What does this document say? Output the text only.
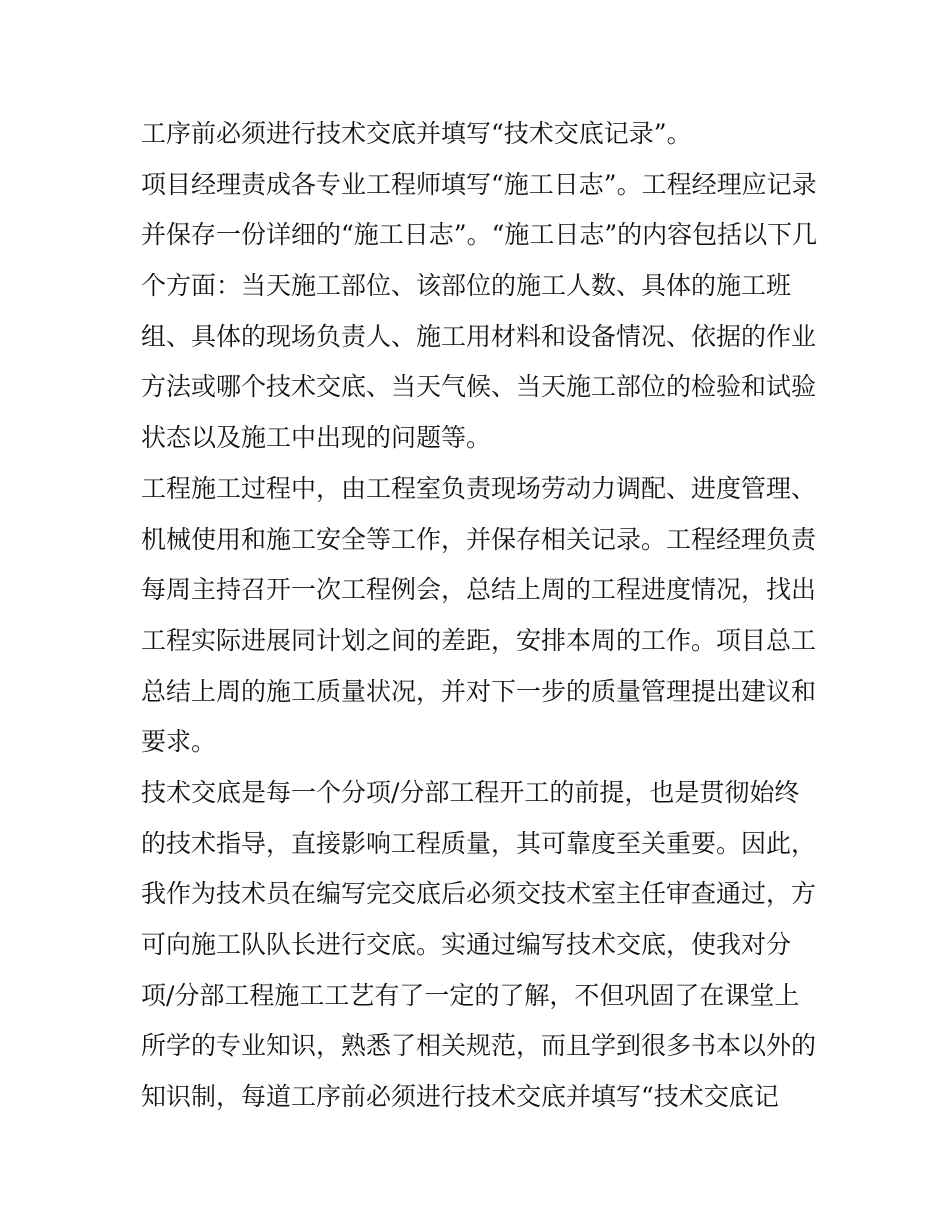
工序前必须进行技术交底并填写“技术交底记录”。
项目经理责成各专业工程师填写“施工日志”。工程经理应记录
并保存一份详细的“施工日志”。“施工日志”的内容包括以下几
个方面：当天施工部位、该部位的施工人数、具体的施工班
组、具体的现场负责人、施工用材料和设备情况、依据的作业
方法或哪个技术交底、当天气候、当天施工部位的检验和试验
状态以及施工中出现的问题等。
工程施工过程中，由工程室负责现场劳动力调配、进度管理、
机械使用和施工安全等工作，并保存相关记录。工程经理负责
每周主持召开一次工程例会，总结上周的工程进度情况，找出
工程实际进展同计划之间的差距，安排本周的工作。项目总工
总结上周的施工质量状况，并对下一步的质量管理提出建议和
要求。
技术交底是每一个分项/分部工程开工的前提，也是贯彻始终
的技术指导，直接影响工程质量，其可靠度至关重要。因此，
我作为技术员在编写完交底后必须交技术室主任审查通过，方
可向施工队队长进行交底。实通过编写技术交底，使我对分
项/分部工程施工工艺有了一定的了解，不但巩固了在课堂上
所学的专业知识，熟悉了相关规范，而且学到很多书本以外的
知识制，每道工序前必须进行技术交底并填写“技术交底记
